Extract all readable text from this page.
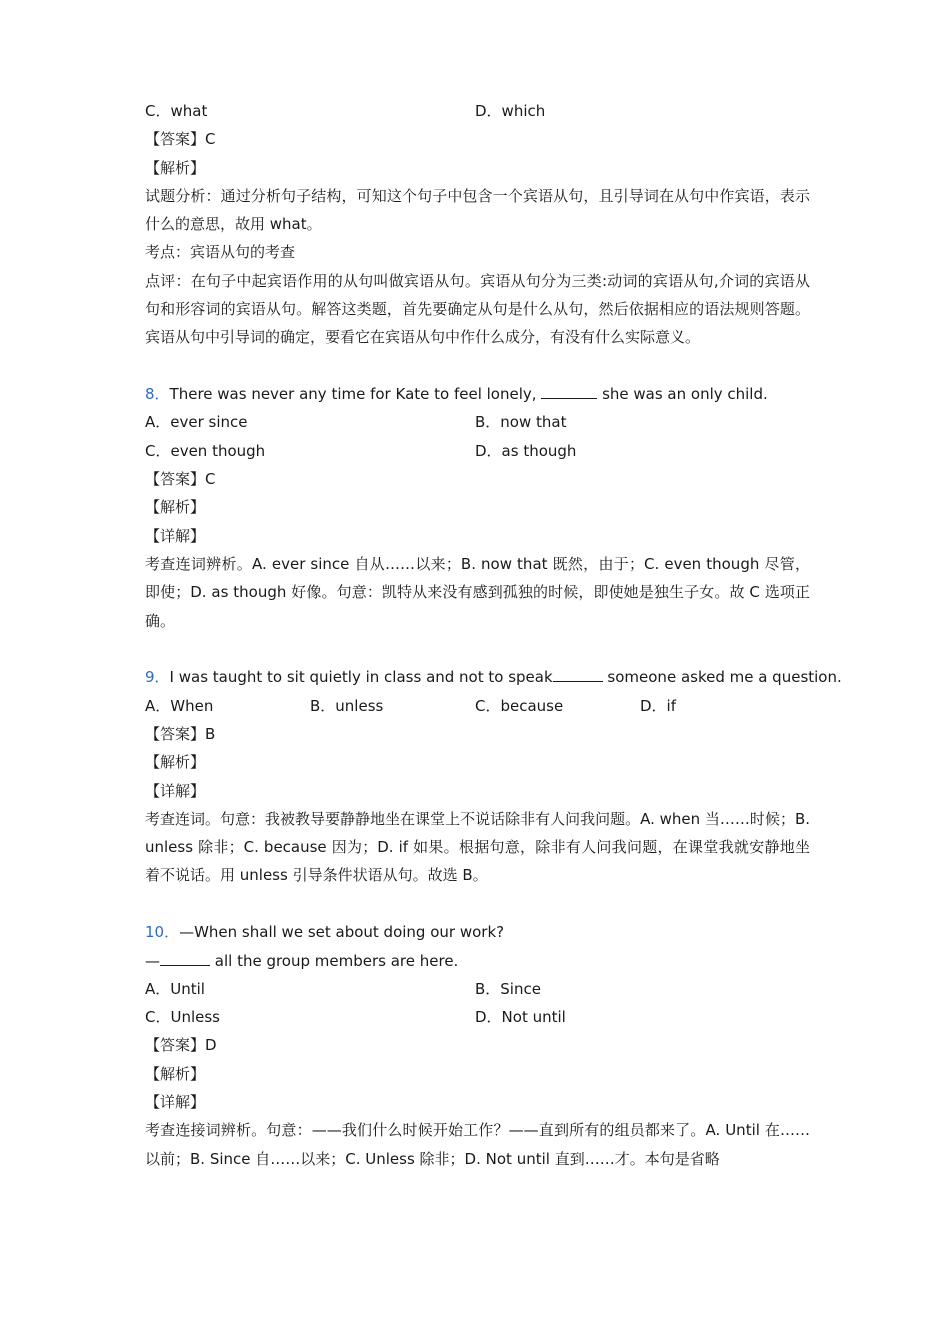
C．what	D．which
【答案】C
【解析】
试题分析：通过分析句子结构，可知这个句子中包含一个宾语从句，且引导词在从句中作宾语，表示什么的意思，故用 what。
考点：宾语从句的考查
点评：在句子中起宾语作用的从句叫做宾语从句。宾语从句分为三类:动词的宾语从句,介词的宾语从句和形容词的宾语从句。解答这类题，首先要确定从句是什么从句，然后依据相应的语法规则答题。宾语从句中引导词的确定，要看它在宾语从句中作什么成分，有没有什么实际意义。
8．There was never any time for Kate to feel lonely,	she was an only child.
A．ever since	B．now that
C．even though	D．as though
【答案】C
【解析】
【详解】
考查连词辨析。A. ever since 自从……以来；B. now that 既然，由于；C. even though 尽管，即使；D. as though 好像。句意：凯特从来没有感到孤独的时候，即使她是独生子女。故 C 选项正确。
9．I was taught to sit quietly in class and not to speak	someone asked me a question.
A．When	B．unless	C．because	D．if
【答案】B
【解析】
【详解】
考查连词。句意：我被教导要静静地坐在课堂上不说话除非有人问我问题。A. when 当……时候；B. unless 除非；C. because 因为；D. if 如果。根据句意，除非有人问我问题，在课堂我就安静地坐着不说话。用 unless 引导条件状语从句。故选 B。
10．—When shall we set about doing our work?
—	all the group members are here.
A．Until	B．Since
C．Unless	D．Not until
【答案】D
【解析】
【详解】
考查连接词辨析。句意：——我们什么时候开始工作？——直到所有的组员都来了。A. Until 在……以前；B. Since 自……以来；C. Unless 除非；D. Not until 直到……才。本句是省略
